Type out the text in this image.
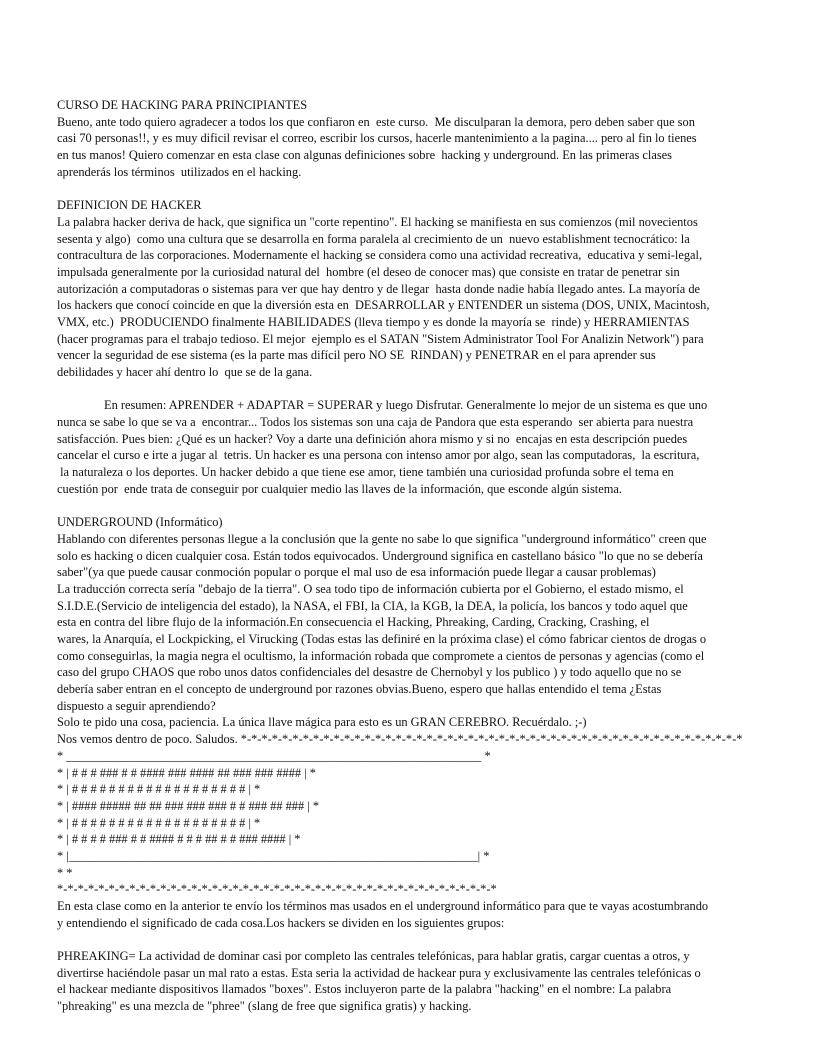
CURSO DE HACKING PARA PRINCIPIANTES
Bueno, ante todo quiero agradecer a todos los que confiaron en  este curso.  Me disculparan la demora, pero deben saber que son
casi 70 personas!!, y es muy dificil revisar el correo, escribir los cursos, hacerle mantenimiento a la pagina.... pero al fin lo tienes
en tus manos! Quiero comenzar en esta clase con algunas definiciones sobre  hacking y underground. En las primeras clases
aprenderás los términos  utilizados en el hacking.
DEFINICION DE HACKER
La palabra hacker deriva de hack, que significa un "corte repentino". El hacking se manifiesta en sus comienzos (mil novecientos
sesenta y algo)  como una cultura que se desarrolla en forma paralela al crecimiento de un  nuevo establishment tecnocrático: la
contracultura de las corporaciones. Modernamente el hacking se considera como una actividad recreativa,  educativa y semi-legal,
impulsada generalmente por la curiosidad natural del  hombre (el deseo de conocer mas) que consiste en tratar de penetrar sin
autorización a computadoras o sistemas para ver que hay dentro y de llegar  hasta donde nadie había llegado antes. La mayoría de
los hackers que conocí coincide en que la diversión esta en  DESARROLLAR y ENTENDER un sistema (DOS, UNIX, Macintosh,
VMX, etc.)  PRODUCIENDO finalmente HABILIDADES (lleva tiempo y es donde la mayoría se  rinde) y HERRAMIENTAS
(hacer programas para el trabajo tedioso. El mejor  ejemplo es el SATAN "Sistem Administrator Tool For Analizin Network") para
vencer la seguridad de ese sistema (es la parte mas difícil pero NO SE  RINDAN) y PENETRAR en el para aprender sus
debilidades y hacer ahí dentro lo  que se de la gana.
En resumen: APRENDER + ADAPTAR = SUPERAR y luego Disfrutar. Generalmente lo mejor de un sistema es que uno
nunca se sabe lo que se va a  encontrar... Todos los sistemas son una caja de Pandora que esta esperando  ser abierta para nuestra
satisfacción. Pues bien: ¿Qué es un hacker? Voy a darte una definición ahora mismo y si no  encajas en esta descripción puedes
cancelar el curso e irte a jugar al  tetris. Un hacker es una persona con intenso amor por algo, sean las computadoras,  la escritura,
la naturaleza o los deportes. Un hacker debido a que tiene ese amor, tiene también una curiosidad profunda sobre el tema en
cuestión por  ende trata de conseguir por cualquier medio las llaves de la información, que esconde algún sistema.
UNDERGROUND (Informático)
Hablando con diferentes personas llegue a la conclusión que la gente no sabe lo que significa "underground informático" creen que
solo es hacking o dicen cualquier cosa. Están todos equivocados. Underground significa en castellano básico "lo que no se debería
saber"(ya que puede causar conmoción popular o porque el mal uso de esa información puede llegar a causar problemas)
La traducción correcta sería "debajo de la tierra". O sea todo tipo de información cubierta por el Gobierno, el estado mismo, el
S.I.D.E.(Servicio de inteligencia del estado), la NASA, el FBI, la CIA, la KGB, la DEA, la policía, los bancos y todo aquel que
esta en contra del libre flujo de la información.En consecuencia el Hacking, Phreaking, Carding, Cracking, Crashing, el
wares, la Anarquía, el Lockpicking, el Virucking (Todas estas las definiré en la próxima clase) el cómo fabricar cientos de drogas o
como conseguirlas, la magia negra el ocultismo, la información robada que compromete a cientos de personas y agencias (como el
caso del grupo CHAOS que robo unos datos confidenciales del desastre de Chernobyl y los publico ) y todo aquello que no se
debería saber entran en el concepto de underground por razones obvias.Bueno, espero que hallas entendido el tema ¿Estas
dispuesto a seguir aprendiendo?
Solo te pido una cosa, paciencia. La única llave mágica para esto es un GRAN CEREBRO. Recuérdalo. ;-)
Nos vemos dentro de poco. Saludos. *-*-*-*-*-*-*-*-*-*-*-*-*-*-*-*-*-*-*-*-*-*-*-*-*-*-*-*-*-*-*-*-*-*-*-*-*-*-*-*-*-*-*-*-*-*-*-*-*
* ___________________________________________________________________ *
* | # # # ### # # #### ### #### ## ### ### #### | *
* | # # # # # # # # # # # # # # # # # # # | *
* | #### ##### ## ## ### ### ### # # ### ## ### | *
* | # # # # # # # # # # # # # # # # # # # | *
* | # # # # ### # # #### # # # ## # # ### #### | *
* |__________________________________________________________________| *
* *
*-*-*-*-*-*-*-*-*-*-*-*-*-*-*-*-*-*-*-*-*-*-*-*-*-*-*-*-*-*-*-*-*-*-*-*-*-*-*-*-*-*-*
En esta clase como en la anterior te envío los términos mas usados en el underground informático para que te vayas acostumbrando
y entendiendo el significado de cada cosa.Los hackers se dividen en los siguientes grupos:
PHREAKING= La actividad de dominar casi por completo las centrales telefónicas, para hablar gratis, cargar cuentas a otros, y
divertirse haciéndole pasar un mal rato a estas. Esta seria la actividad de hackear pura y exclusivamente las centrales telefónicas o
el hackear mediante dispositivos llamados "boxes". Estos incluyeron parte de la palabra "hacking" en el nombre: La palabra
"phreaking" es una mezcla de "phree" (slang de free que significa gratis) y hacking.
